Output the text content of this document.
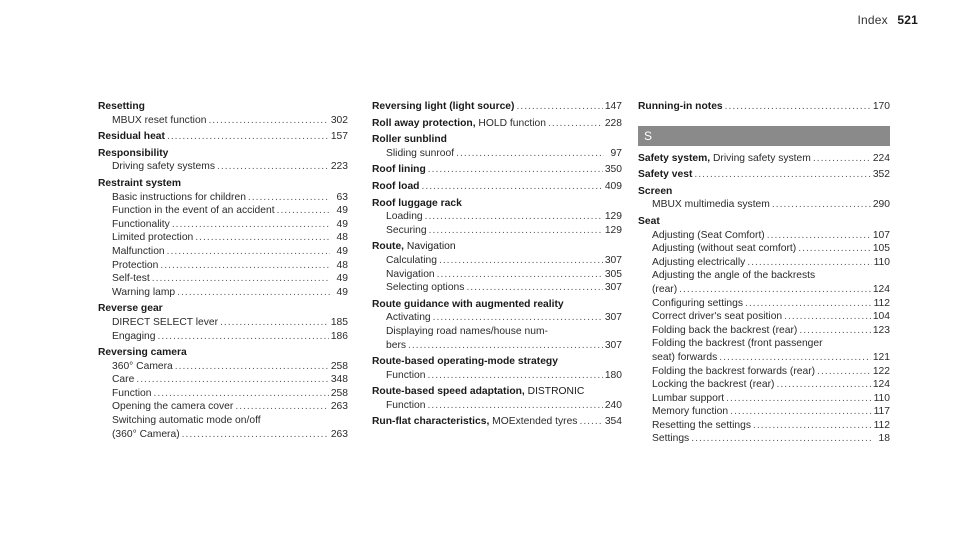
Index 521
Resetting
MBUX reset function .....	302
Residual heat .....	157
Responsibility
Driving safety systems .....	223
Restraint system
Basic instructions for children .....	63
Function in the event of an accident .....	49
Functionality .....	49
Limited protection .....	48
Malfunction .....	49
Protection .....	48
Self-test .....	49
Warning lamp .....	49
Reverse gear
DIRECT SELECT lever .....	185
Engaging .....	186
Reversing camera
360° Camera .....	258
Care .....	348
Function .....	258
Opening the camera cover .....	263
Switching automatic mode on/off
(360° Camera) .....	263
Reversing light (light source) .....	147
Roll away protection, HOLD function .....	228
Roller sunblind
Sliding sunroof .....	97
Roof lining .....	350
Roof load .....	409
Roof luggage rack
Loading .....	129
Securing .....	129
Route, Navigation
Calculating .....	307
Navigation .....	305
Selecting options .....	307
Route guidance with augmented reality
Activating .....	307
Displaying road names/house num-
bers .....	307
Route-based operating-mode strategy
Function .....	180
Route-based speed adaptation, DISTRONIC
Function .....	240
Run-flat characteristics, MOExtended tyres .....	354
Running-in notes .....	170
S
Safety system, Driving safety system .....	224
Safety vest .....	352
Screen
MBUX multimedia system .....	290
Seat
Adjusting (Seat Comfort) .....	107
Adjusting (without seat comfort) .....	105
Adjusting electrically .....	110
Adjusting the angle of the backrests
(rear) .....	124
Configuring settings .....	112
Correct driver's seat position .....	104
Folding back the backrest (rear) .....	123
Folding the backrest (front passenger
seat) forwards .....	121
Folding the backrest forwards (rear) .....	122
Locking the backrest (rear) .....	124
Lumbar support .....	110
Memory function .....	117
Resetting the settings .....	112
Settings .....	18
